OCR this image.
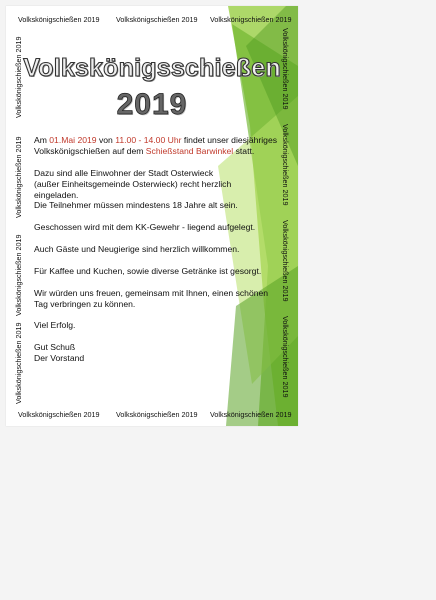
Volkskönigschießen 2019 Volkskönigschießen 2019 Volkskönigschießen 2019
Volkskönigschießen 2019 Volkskönigschießen 2019 Volkskönigschießen 2019
Volkskönigschießen 2019
Volkskönigschießen 2019
Volkskönigschießen 2019
Volkskönigschießen 2019
Volkskönigschießen 2019
Volkskönigschießen 2019
Volkskönigschießen 2019
Volkskönigschießen 2019
Volkskönigsschießen
2019

Am 01.Mai 2019 von 11.00 - 14.00 Uhr findet unser diesjähriges Volkskönigschießen auf dem Schießstand Barwinkel statt.

Dazu sind alle Einwohner der Stadt Osterwieck
(außer Einheitsgemeinde Osterwieck) recht herzlich
eingeladen.
Die Teilnehmer müssen mindestens 18 Jahre alt sein.

Geschossen wird mit dem KK-Gewehr - liegend aufgelegt.

Auch Gäste und Neugierige sind herzlich willkommen.

Für Kaffee und Kuchen, sowie diverse Getränke ist gesorgt.

Wir würden uns freuen, gemeinsam mit Ihnen, einen schönen Tag verbringen zu können.

Viel Erfolg.

Gut Schuß
Der Vorstand
